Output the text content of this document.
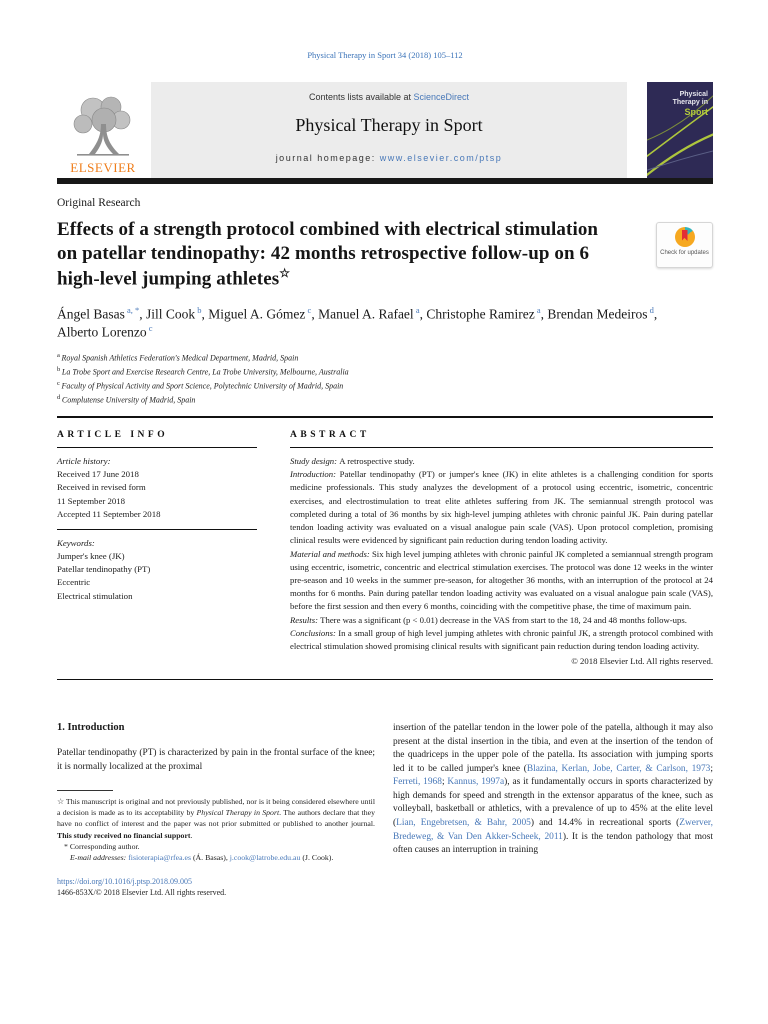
Physical Therapy in Sport 34 (2018) 105–112
ELSEVIER
Contents lists available at ScienceDirect
Physical Therapy in Sport
journal homepage: www.elsevier.com/ptsp
Physical
Therapy in
Sport
Original Research
Effects of a strength protocol combined with electrical stimulation on patellar tendinopathy: 42 months retrospective follow-up on 6 high-level jumping athletes☆
Check for updates
Ángel Basas $^{a, *}$, Jill Cook $^b$, Miguel A. Gómez $^c$, Manuel A. Rafael $^a$, Christophe Ramirez $^a$, Brendan Medeiros $^d$, Alberto Lorenzo $^c$
$^a$ Royal Spanish Athletics Federation's Medical Department, Madrid, Spain
$^b$ La Trobe Sport and Exercise Research Centre, La Trobe University, Melbourne, Australia
$^c$ Faculty of Physical Activity and Sport Science, Polytechnic University of Madrid, Spain
$^d$ Complutense University of Madrid, Spain
ARTICLE INFO
Article history:
Received 17 June 2018
Received in revised form
11 September 2018
Accepted 11 September 2018
Keywords:
Jumper's knee (JK)
Patellar tendinopathy (PT)
Eccentric
Electrical stimulation
ABSTRACT
Study design: A retrospective study.
Introduction: Patellar tendinopathy (PT) or jumper's knee (JK) in elite athletes is a challenging condition for sports medicine professionals. This study analyzes the development of a protocol using eccentric, isometric, concentric exercises, and electrostimulation to treat elite athletes suffering from JK. The semiannual strength protocol was completed during a total of 36 months by six high-level jumping athletes with chronic painful JK. Pain during patellar tendon loading activity was evaluated on a visual analogue pain scale (VAS). Upon protocol completion, promising clinical results were evidenced by significant pain reduction during tendon loading activity.
Material and methods: Six high level jumping athletes with chronic painful JK completed a semiannual strength program using eccentric, isometric, concentric and electrical stimulation exercises. The protocol was done 12 weeks in the winter pre-season and 10 weeks in the summer pre-season, for altogether 36 months, with an interruption of the protocol at 24 months for 6 months. Pain during patellar tendon loading activity was evaluated on a visual analogue pain scale (VAS), before the first session and then every 6 months, coinciding with the competitive phase, the time of maximum pain.
Results: There was a significant (p < 0.01) decrease in the VAS from start to the 18, 24 and 48 months follow-ups.
Conclusions: In a small group of high level jumping athletes with chronic painful JK, a strength protocol combined with electrical stimulation showed promising clinical results with significant pain reduction during tendon loading activity.
© 2018 Elsevier Ltd. All rights reserved.
1. Introduction
Patellar tendinopathy (PT) is characterized by pain in the frontal surface of the knee; it is normally localized at the proximal
☆ This manuscript is original and not previously published, nor is it being considered elsewhere until a decision is made as to its acceptability by Physical Therapy in Sport. The authors declare that they have no conflict of interest and the paper was not prior submitted or published to another journal. This study received no financial support.
* Corresponding author.
E-mail addresses: fisioterapia@rfea.es (Á. Basas), j.cook@latrobe.edu.au (J. Cook).
insertion of the patellar tendon in the lower pole of the patella, although it may also present at the distal insertion in the tibia, and even at the insertion of the tendon of the quadriceps in the upper pole of the patella. Its association with jumping sports led it to be called jumper's knee (Blazina, Kerlan, Jobe, Carter, & Carlson, 1973; Ferreti, 1968; Kannus, 1997a), as it fundamentally occurs in sports characterized by high demands for speed and strength in the extensor apparatus of the knee, such as volleyball, basketball or athletics, with a prevalence of up to 45% at the elite level (Lian, Engebretsen, & Bahr, 2005) and 14.4% in recreational sports (Zwerver, Bredeweg, & Van Den Akker-Scheek, 2011). It is the tendon pathology that most often causes an interruption in training
https://doi.org/10.1016/j.ptsp.2018.09.005
1466-853X/© 2018 Elsevier Ltd. All rights reserved.
